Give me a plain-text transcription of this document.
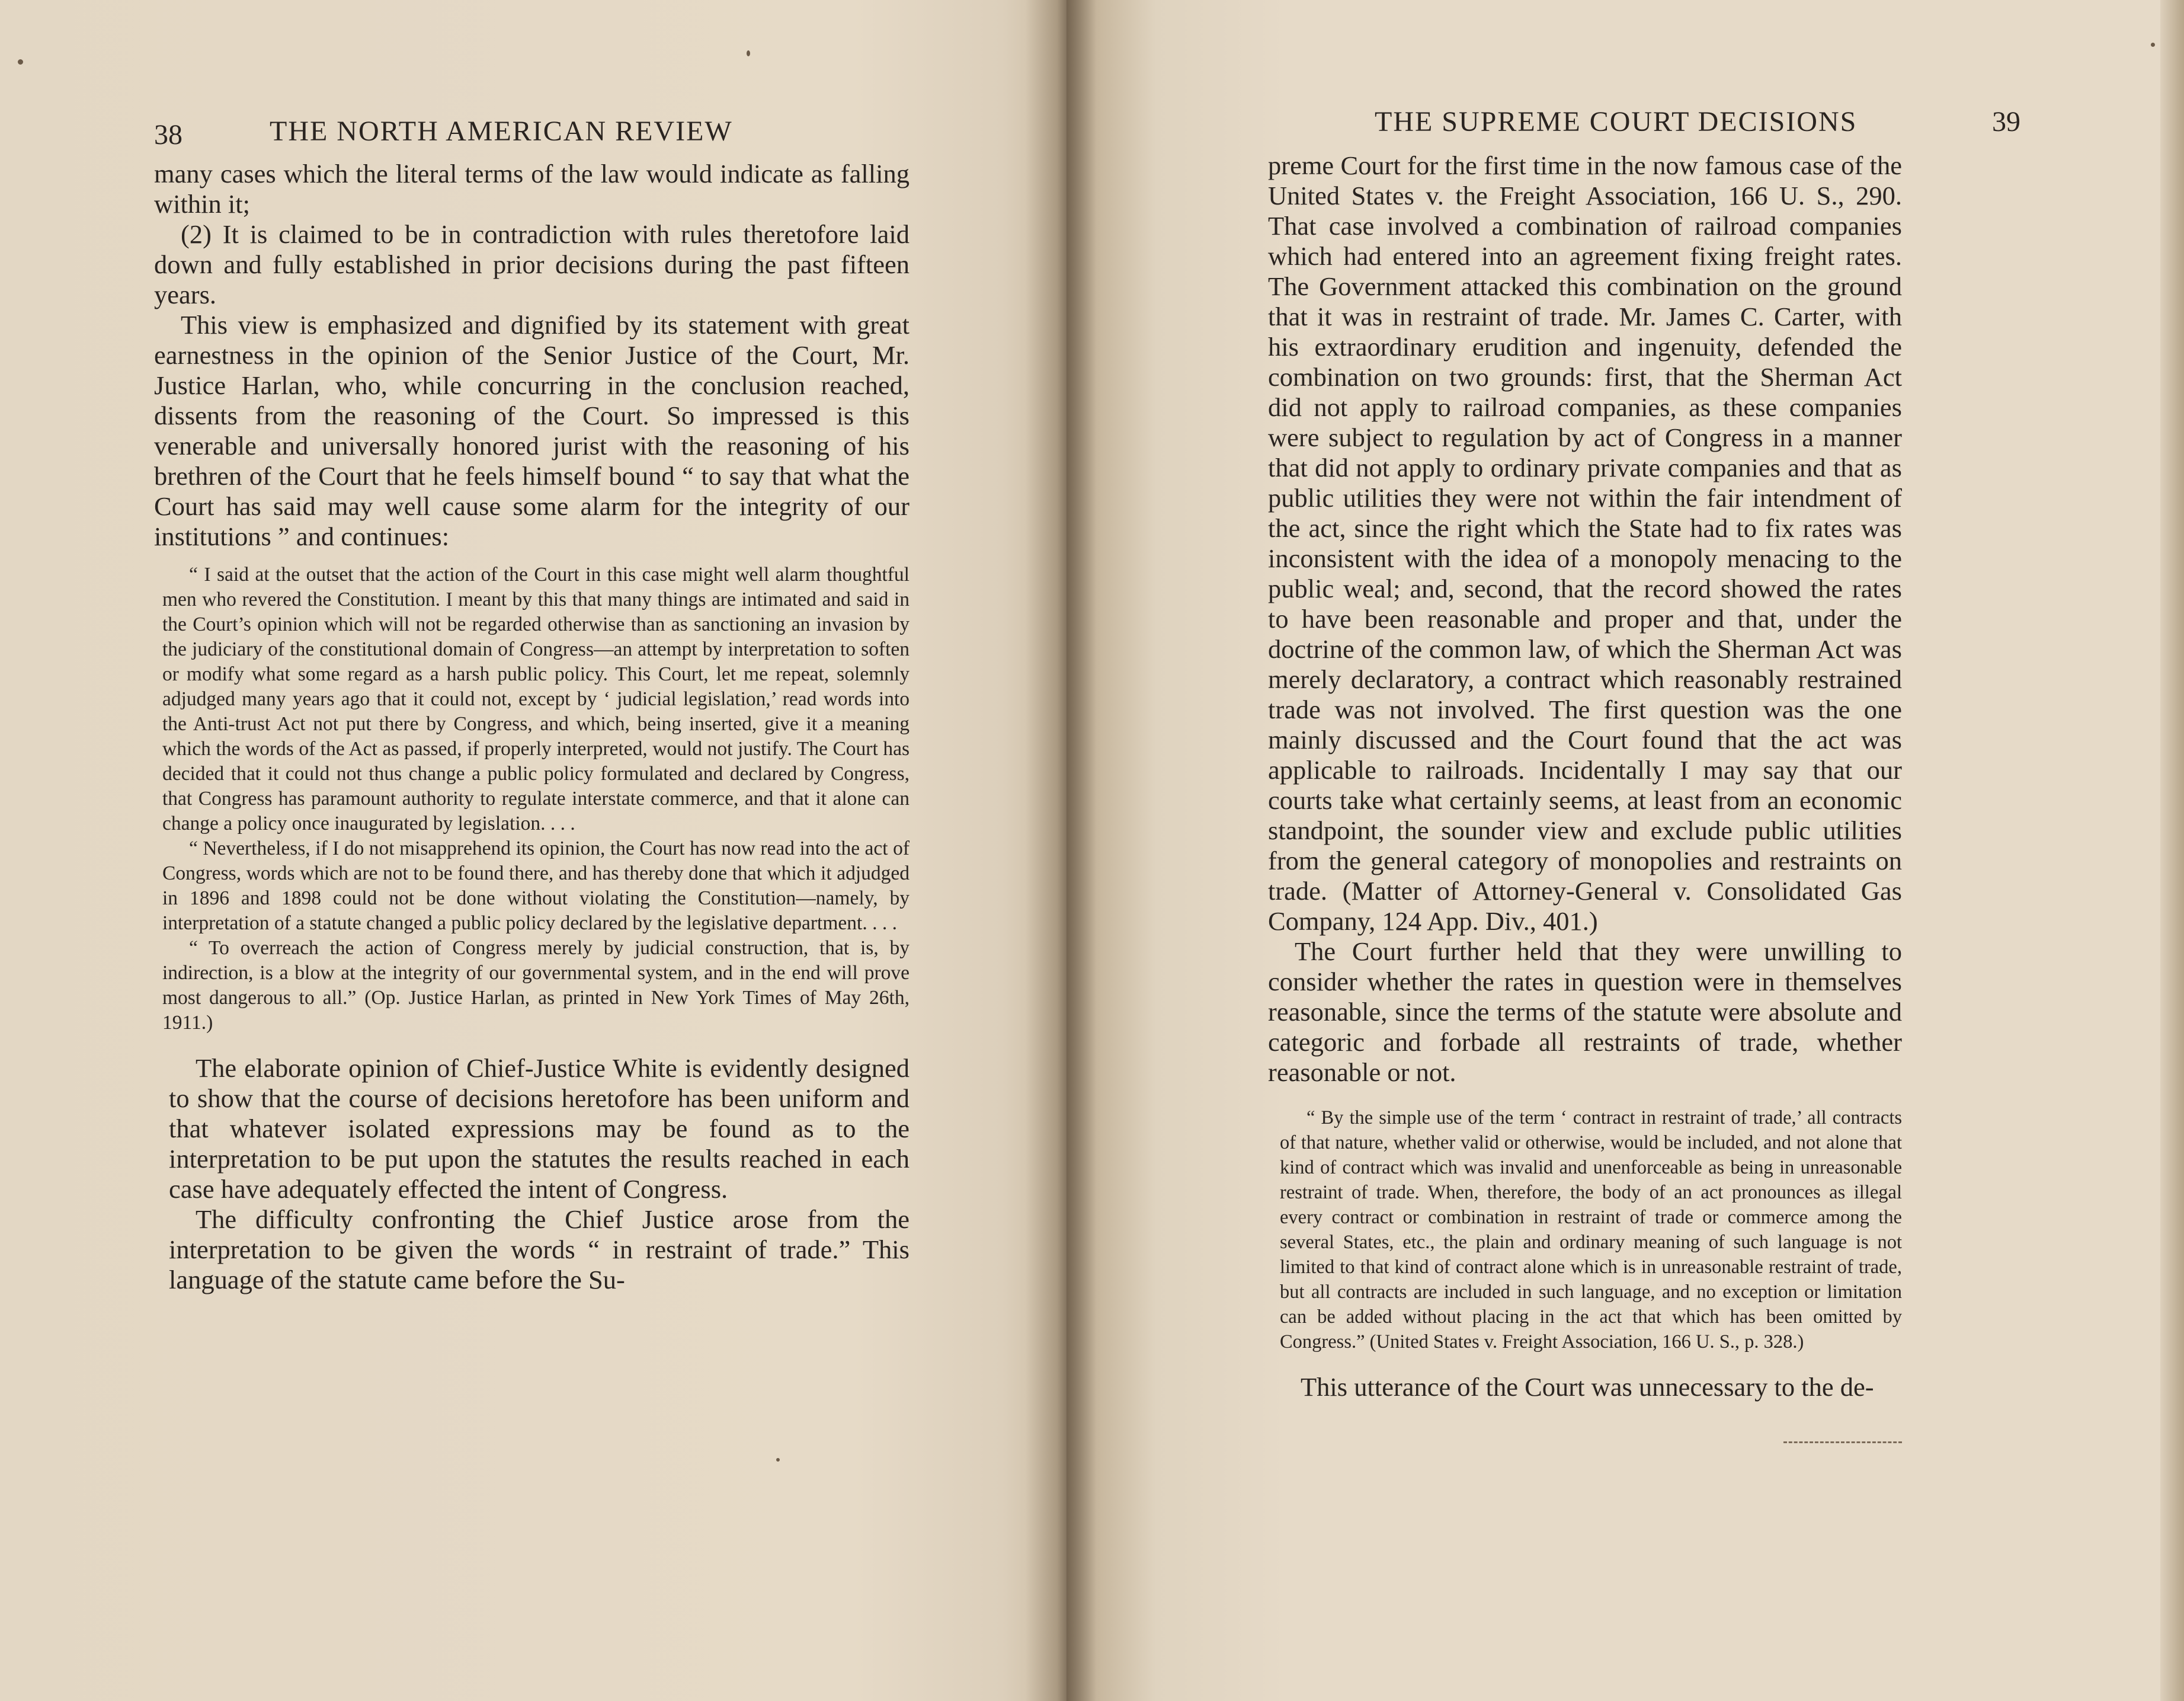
38	THE NORTH AMERICAN REVIEW

many cases which the literal terms of the law would indicate as falling within it;

(2) It is claimed to be in contradiction with rules theretofore laid down and fully established in prior decisions during the past fifteen years.

This view is emphasized and dignified by its statement with great earnestness in the opinion of the Senior Justice of the Court, Mr. Justice Harlan, who, while concurring in the conclusion reached, dissents from the reasoning of the Court. So impressed is this venerable and universally honored jurist with the reasoning of his brethren of the Court that he feels himself bound “ to say that what the Court has said may well cause some alarm for the integrity of our institutions ” and continues:

“ I said at the outset that the action of the Court in this case might well alarm thoughtful men who revered the Constitution. I meant by this that many things are intimated and said in the Court’s opinion which will not be regarded otherwise than as sanctioning an invasion by the judiciary of the constitutional domain of Congress—an attempt by interpretation to soften or modify what some regard as a harsh public policy. This Court, let me repeat, solemnly adjudged many years ago that it could not, except by ‘ judicial legislation,’ read words into the Anti-trust Act not put there by Congress, and which, being inserted, give it a meaning which the words of the Act as passed, if properly interpreted, would not justify. The Court has decided that it could not thus change a public policy formulated and declared by Congress, that Congress has paramount authority to regulate interstate commerce, and that it alone can change a policy once inaugurated by legislation. . . .

“ Nevertheless, if I do not misapprehend its opinion, the Court has now read into the act of Congress, words which are not to be found there, and has thereby done that which it adjudged in 1896 and 1898 could not be done without violating the Constitution—namely, by interpretation of a statute changed a public policy declared by the legislative department. . . .

“ To overreach the action of Congress merely by judicial construction, that is, by indirection, is a blow at the integrity of our governmental system, and in the end will prove most dangerous to all.” (Op. Justice Harlan, as printed in New York Times of May 26th, 1911.)

The elaborate opinion of Chief-Justice White is evidently designed to show that the course of decisions heretofore has been uniform and that whatever isolated expressions may be found as to the interpretation to be put upon the statutes the results reached in each case have adequately effected the intent of Congress.

The difficulty confronting the Chief Justice arose from the interpretation to be given the words “ in restraint of trade.” This language of the statute came before the Su-

THE SUPREME COURT DECISIONS	39

preme Court for the first time in the now famous case of the United States v. the Freight Association, 166 U. S., 290. That case involved a combination of railroad companies which had entered into an agreement fixing freight rates. The Government attacked this combination on the ground that it was in restraint of trade. Mr. James C. Carter, with his extraordinary erudition and ingenuity, defended the combination on two grounds: first, that the Sherman Act did not apply to railroad companies, as these companies were subject to regulation by act of Congress in a manner that did not apply to ordinary private companies and that as public utilities they were not within the fair intendment of the act, since the right which the State had to fix rates was inconsistent with the idea of a monopoly menacing to the public weal; and, second, that the record showed the rates to have been reasonable and proper and that, under the doctrine of the common law, of which the Sherman Act was merely declaratory, a contract which reasonably restrained trade was not involved. The first question was the one mainly discussed and the Court found that the act was applicable to railroads. Incidentally I may say that our courts take what certainly seems, at least from an economic standpoint, the sounder view and exclude public utilities from the general category of monopolies and restraints on trade. (Matter of Attorney-General v. Consolidated Gas Company, 124 App. Div., 401.)

The Court further held that they were unwilling to consider whether the rates in question were in themselves reasonable, since the terms of the statute were absolute and categoric and forbade all restraints of trade, whether reasonable or not.

“ By the simple use of the term ‘ contract in restraint of trade,’ all contracts of that nature, whether valid or otherwise, would be included, and not alone that kind of contract which was invalid and unenforceable as being in unreasonable restraint of trade. When, therefore, the body of an act pronounces as illegal every contract or combination in restraint of trade or commerce among the several States, etc., the plain and ordinary meaning of such language is not limited to that kind of contract alone which is in unreasonable restraint of trade, but all contracts are included in such language, and no exception or limitation can be added without placing in the act that which has been omitted by Congress.” (United States v. Freight Association, 166 U. S., p. 328.)

This utterance of the Court was unnecessary to the de-
